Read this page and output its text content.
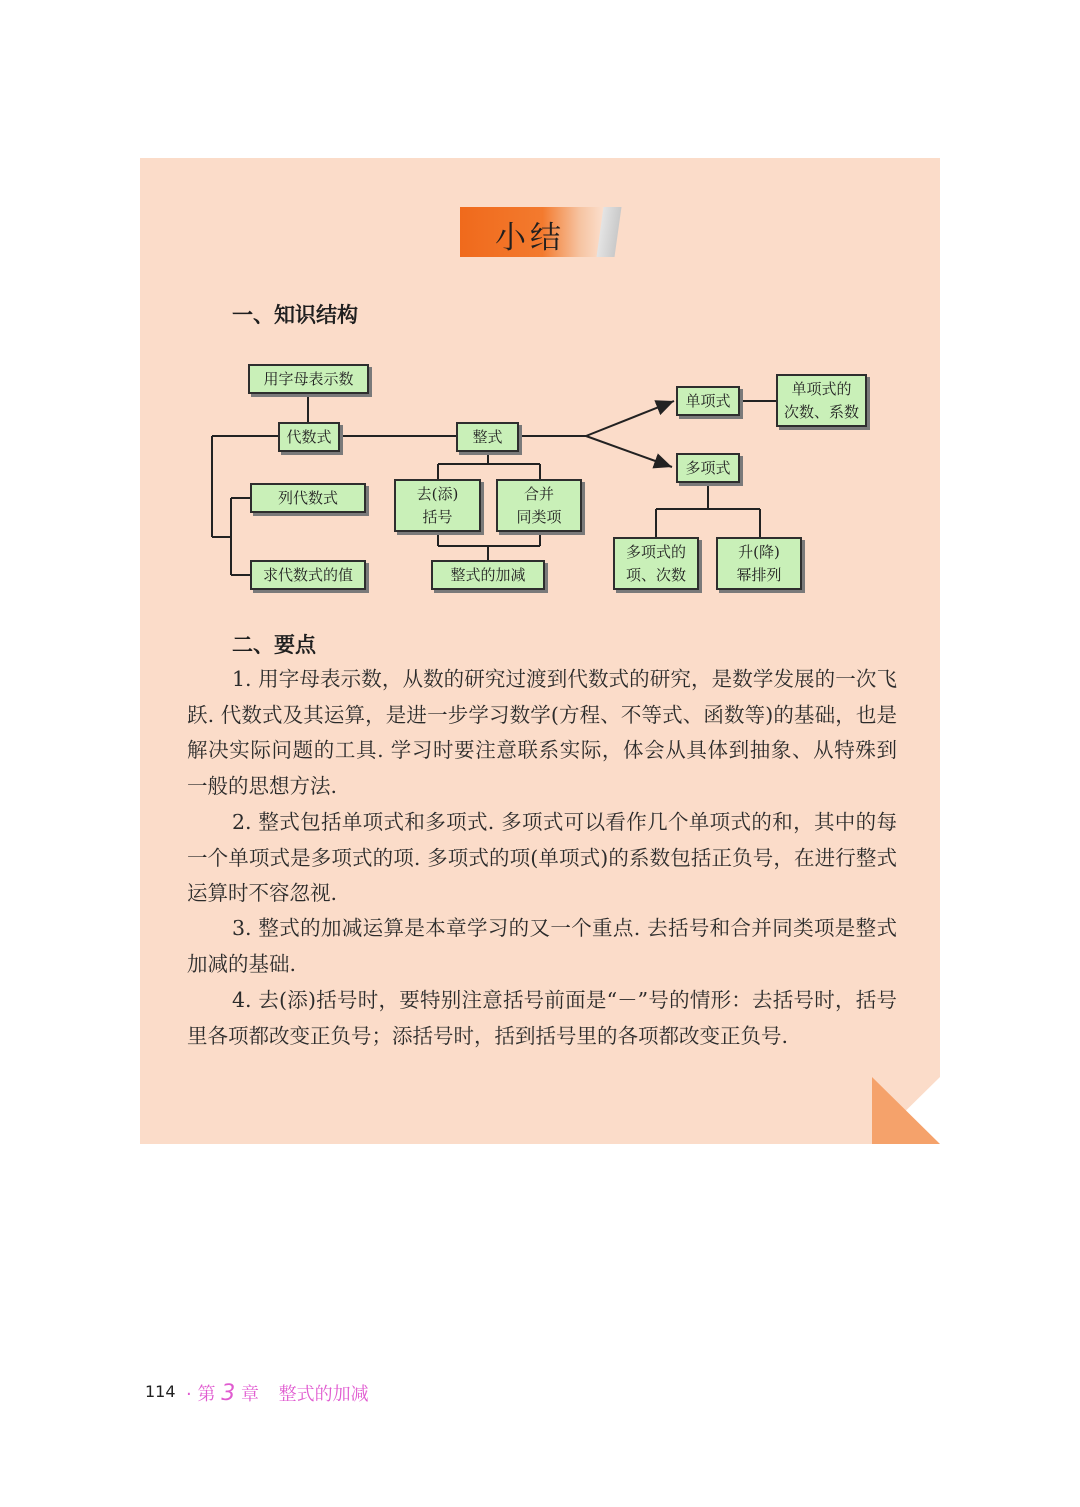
小结
一、知识结构
用字母表示数
代数式
列代数式
求代数式的值
整式
去(添)
括号
合并
同类项
整式的加减
单项式
单项式的
次数、系数
多项式
多项式的
项、次数
升(降)
幂排列
二、要点

1. 用字母表示数，从数的研究过渡到代数式的研究，是数学发展的一次飞跃. 代数式及其运算，是进一步学习数学(方程、不等式、函数等)的基础，也是解决实际问题的工具. 学习时要注意联系实际，体会从具体到抽象、从特殊到一般的思想方法.

2. 整式包括单项式和多项式. 多项式可以看作几个单项式的和，其中的每一个单项式是多项式的项. 多项式的项(单项式)的系数包括正负号，在进行整式运算时不容忽视.

3. 整式的加减运算是本章学习的又一个重点. 去括号和合并同类项是整式加减的基础.

4. 去(添)括号时，要特别注意括号前面是“－”号的情形：去括号时，括号里各项都改变正负号；添括号时，括到括号里的各项都改变正负号.

114 · 第 3 章 整式的加减
